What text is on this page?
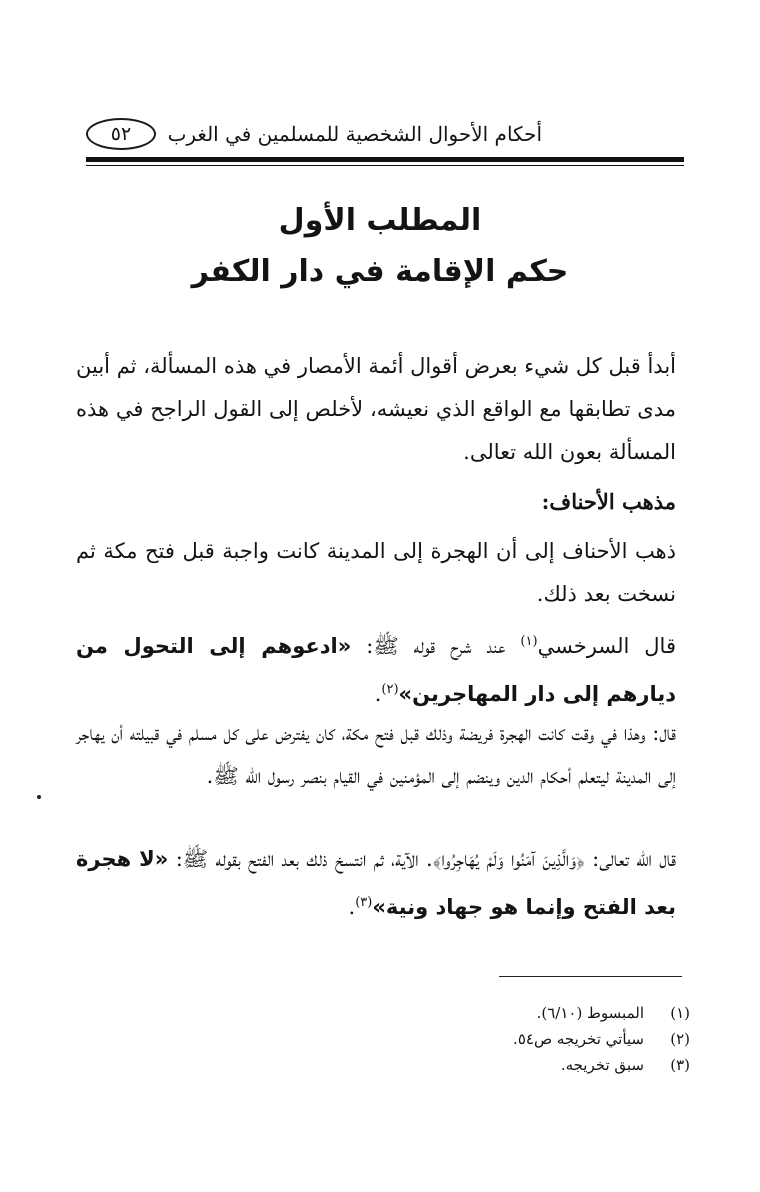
أحكام الأحوال الشخصية للمسلمين في الغرب
٥٢
المطلب الأول
حكم الإقامة في دار الكفر
أبدأ قبل كل شيء بعرض أقوال أئمة الأمصار في هذه المسألة، ثم أبين مدى تطابقها مع الواقع الذي نعيشه، لأخلص إلى القول الراجح في هذه المسألة بعون الله تعالى.
مذهب الأحناف:
ذهب الأحناف إلى أن الهجرة إلى المدينة كانت واجبة قبل فتح مكة ثم نسخت بعد ذلك.
قال السرخسي$^{(١)}$ عند شرح قوله ﷺ: «ادعوهم إلى التحول من ديارهم إلى دار المهاجرين»$^{(٢)}$.
قال: وهذا في وقت كانت الهجرة فريضة وذلك قبل فتح مكة، كان يفترض على كل مسلم في قبيلته أن يهاجر إلى المدينة ليتعلم أحكام الدين وينضم إلى المؤمنين في القيام بنصر رسول الله ﷺ.
قال الله تعالى: ﴿وَالَّذِينَ آمَنُوا وَلَمْ يُهَاجِرُوا﴾. الآية، ثم انتسخ ذلك بعد الفتح بقوله ﷺ: «لا هجرة بعد الفتح وإنما هو جهاد ونية»$^{(٣)}$.
(١)
المبسوط (٦/١٠).
(٢)
سيأتي تخريجه ص٥٤.
(٣)
سبق تخريجه.
